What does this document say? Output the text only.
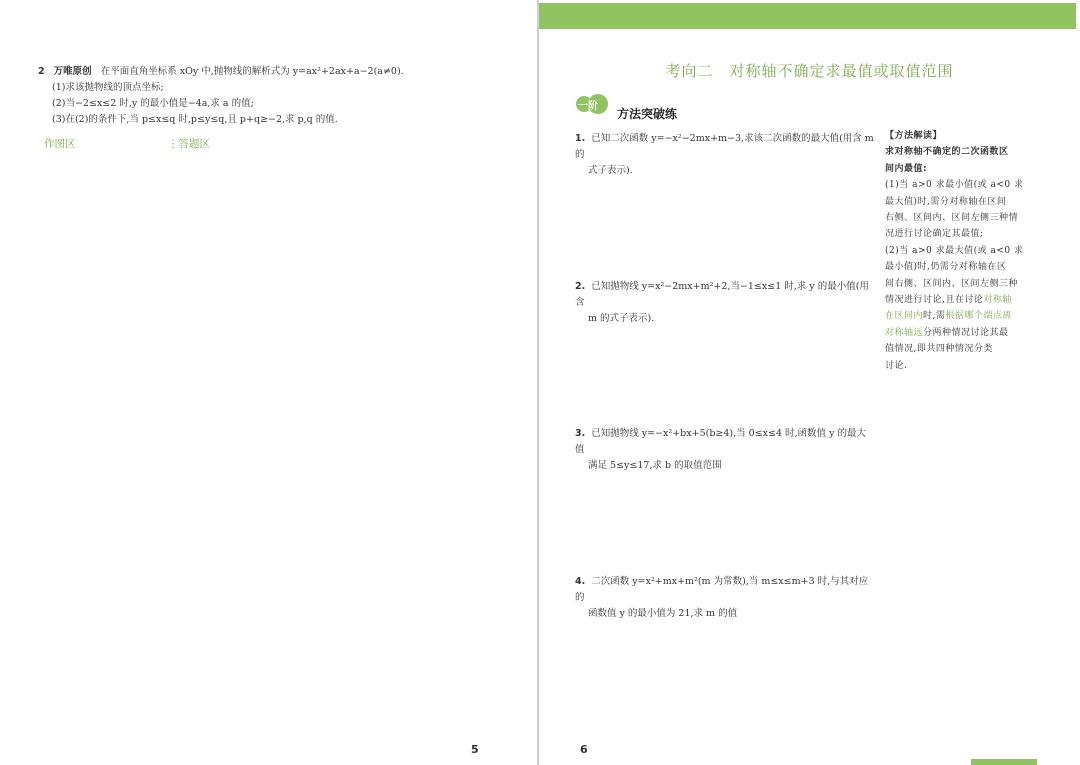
2 万唯原创 在平面直角坐标系 xOy 中,抛物线的解析式为 y=ax²+2ax+a−2(a≠0).
(1)求该抛物线的顶点坐标;
(2)当−2≤x≤2 时,y 的最小值是−4a,求 a 的值;
(3)在(2)的条件下,当 p≤x≤q 时,p≤y≤q,且 p+q≥−2,求 p,q 的值.
作图区	⋮答题区
5
考向二　对称轴不确定求最值或取值范围
一阶
方法突破练
1. 已知二次函数 y=−x²−2mx+m−3,求该二次函数的最大值(用含 m 的
式子表示).
2. 已知抛物线 y=x²−2mx+m²+2,当−1≤x≤1 时,求 y 的最小值(用含
m 的式子表示).
3. 已知抛物线 y=−x²+bx+5(b≥4),当 0≤x≤4 时,函数值 y 的最大值
满足 5≤y≤17,求 b 的取值范围
4. 二次函数 y=x²+mx+m²(m 为常数),当 m≤x≤m+3 时,与其对应的
函数值 y 的最小值为 21,求 m 的值
【方法解读】
求对称轴不确定的二次函数区
间内最值:
(1)当 a>0 求最小值(或 a<0 求
最大值)时,需分对称轴在区间
右侧、区间内、区间左侧三种情
况进行讨论确定其最值;
(2)当 a>0 求最大值(或 a<0 求
最小值)时,仍需分对称轴在区
间右侧、区间内、区间左侧三种
情况进行讨论,且在讨论对称轴
在区间内时,需根据哪个端点离
对称轴远分两种情况讨论其最
值情况,即共四种情况分类
讨论.
6
